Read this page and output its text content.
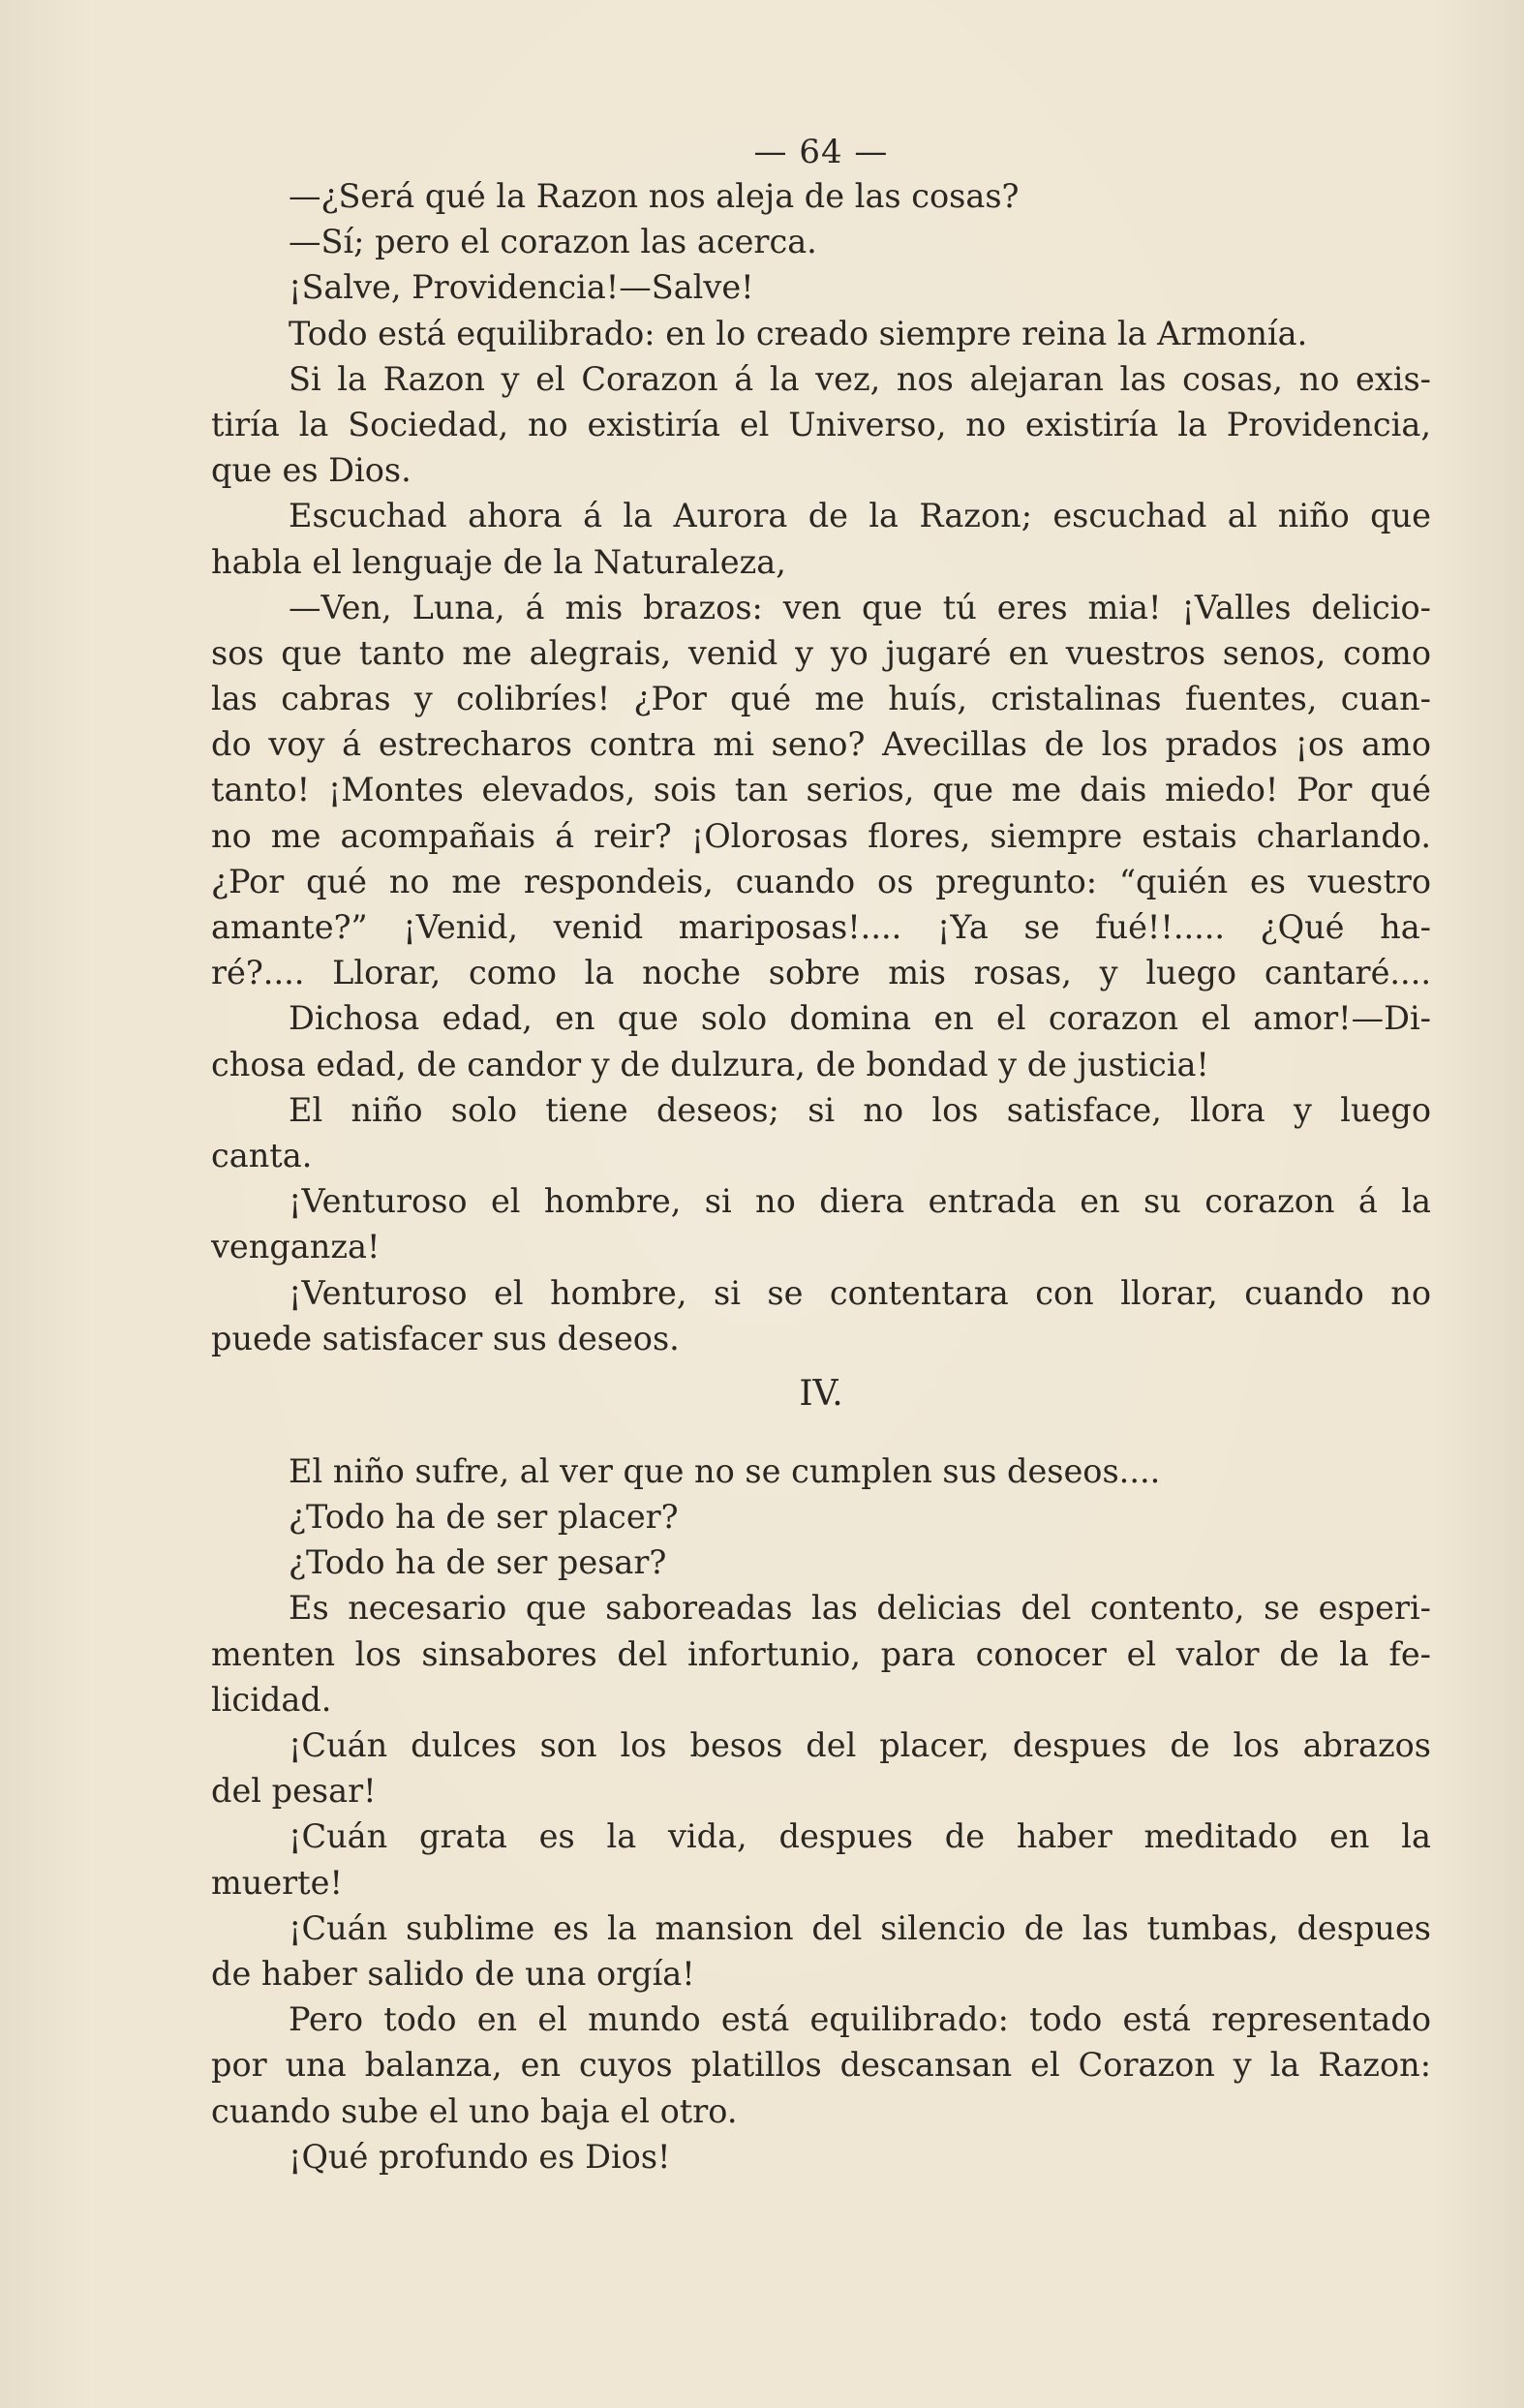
— 64 —
—¿Será qué la Razon nos aleja de las cosas?
—Sí; pero el corazon las acerca.
¡Salve, Providencia!—Salve!
Todo está equilibrado: en lo creado siempre reina la Armonía.
Si la Razon y el Corazon á la vez, nos alejaran las cosas, no exis-
tiría la Sociedad, no existiría el Universo, no existiría la Providencia,
que es Dios.
Escuchad ahora á la Aurora de la Razon; escuchad al niño que
habla el lenguaje de la Naturaleza,
—Ven, Luna, á mis brazos: ven que tú eres mia! ¡Valles delicio-
sos que tanto me alegrais, venid y yo jugaré en vuestros senos, como
las cabras y colibríes! ¿Por qué me huís, cristalinas fuentes, cuan-
do voy á estrecharos contra mi seno? Avecillas de los prados ¡os amo
tanto! ¡Montes elevados, sois tan serios, que me dais miedo! Por qué
no me acompañais á reir? ¡Olorosas flores, siempre estais charlando.
¿Por qué no me respondeis, cuando os pregunto: “quién es vuestro
amante?” ¡Venid, venid mariposas!.... ¡Ya se fué!!..... ¿Qué ha-
ré?.... Llorar, como la noche sobre mis rosas, y luego cantaré....
Dichosa edad, en que solo domina en el corazon el amor!—Di-
chosa edad, de candor y de dulzura, de bondad y de justicia!
El niño solo tiene deseos; si no los satisface, llora y luego
canta.
¡Venturoso el hombre, si no diera entrada en su corazon á la
venganza!
¡Venturoso el hombre, si se contentara con llorar, cuando no
puede satisfacer sus deseos.
IV.
El niño sufre, al ver que no se cumplen sus deseos....
¿Todo ha de ser placer?
¿Todo ha de ser pesar?
Es necesario que saboreadas las delicias del contento, se esperi-
menten los sinsabores del infortunio, para conocer el valor de la fe-
licidad.
¡Cuán dulces son los besos del placer, despues de los abrazos
del pesar!
¡Cuán grata es la vida, despues de haber meditado en la
muerte!
¡Cuán sublime es la mansion del silencio de las tumbas, despues
de haber salido de una orgía!
Pero todo en el mundo está equilibrado: todo está representado
por una balanza, en cuyos platillos descansan el Corazon y la Razon:
cuando sube el uno baja el otro.
¡Qué profundo es Dios!
